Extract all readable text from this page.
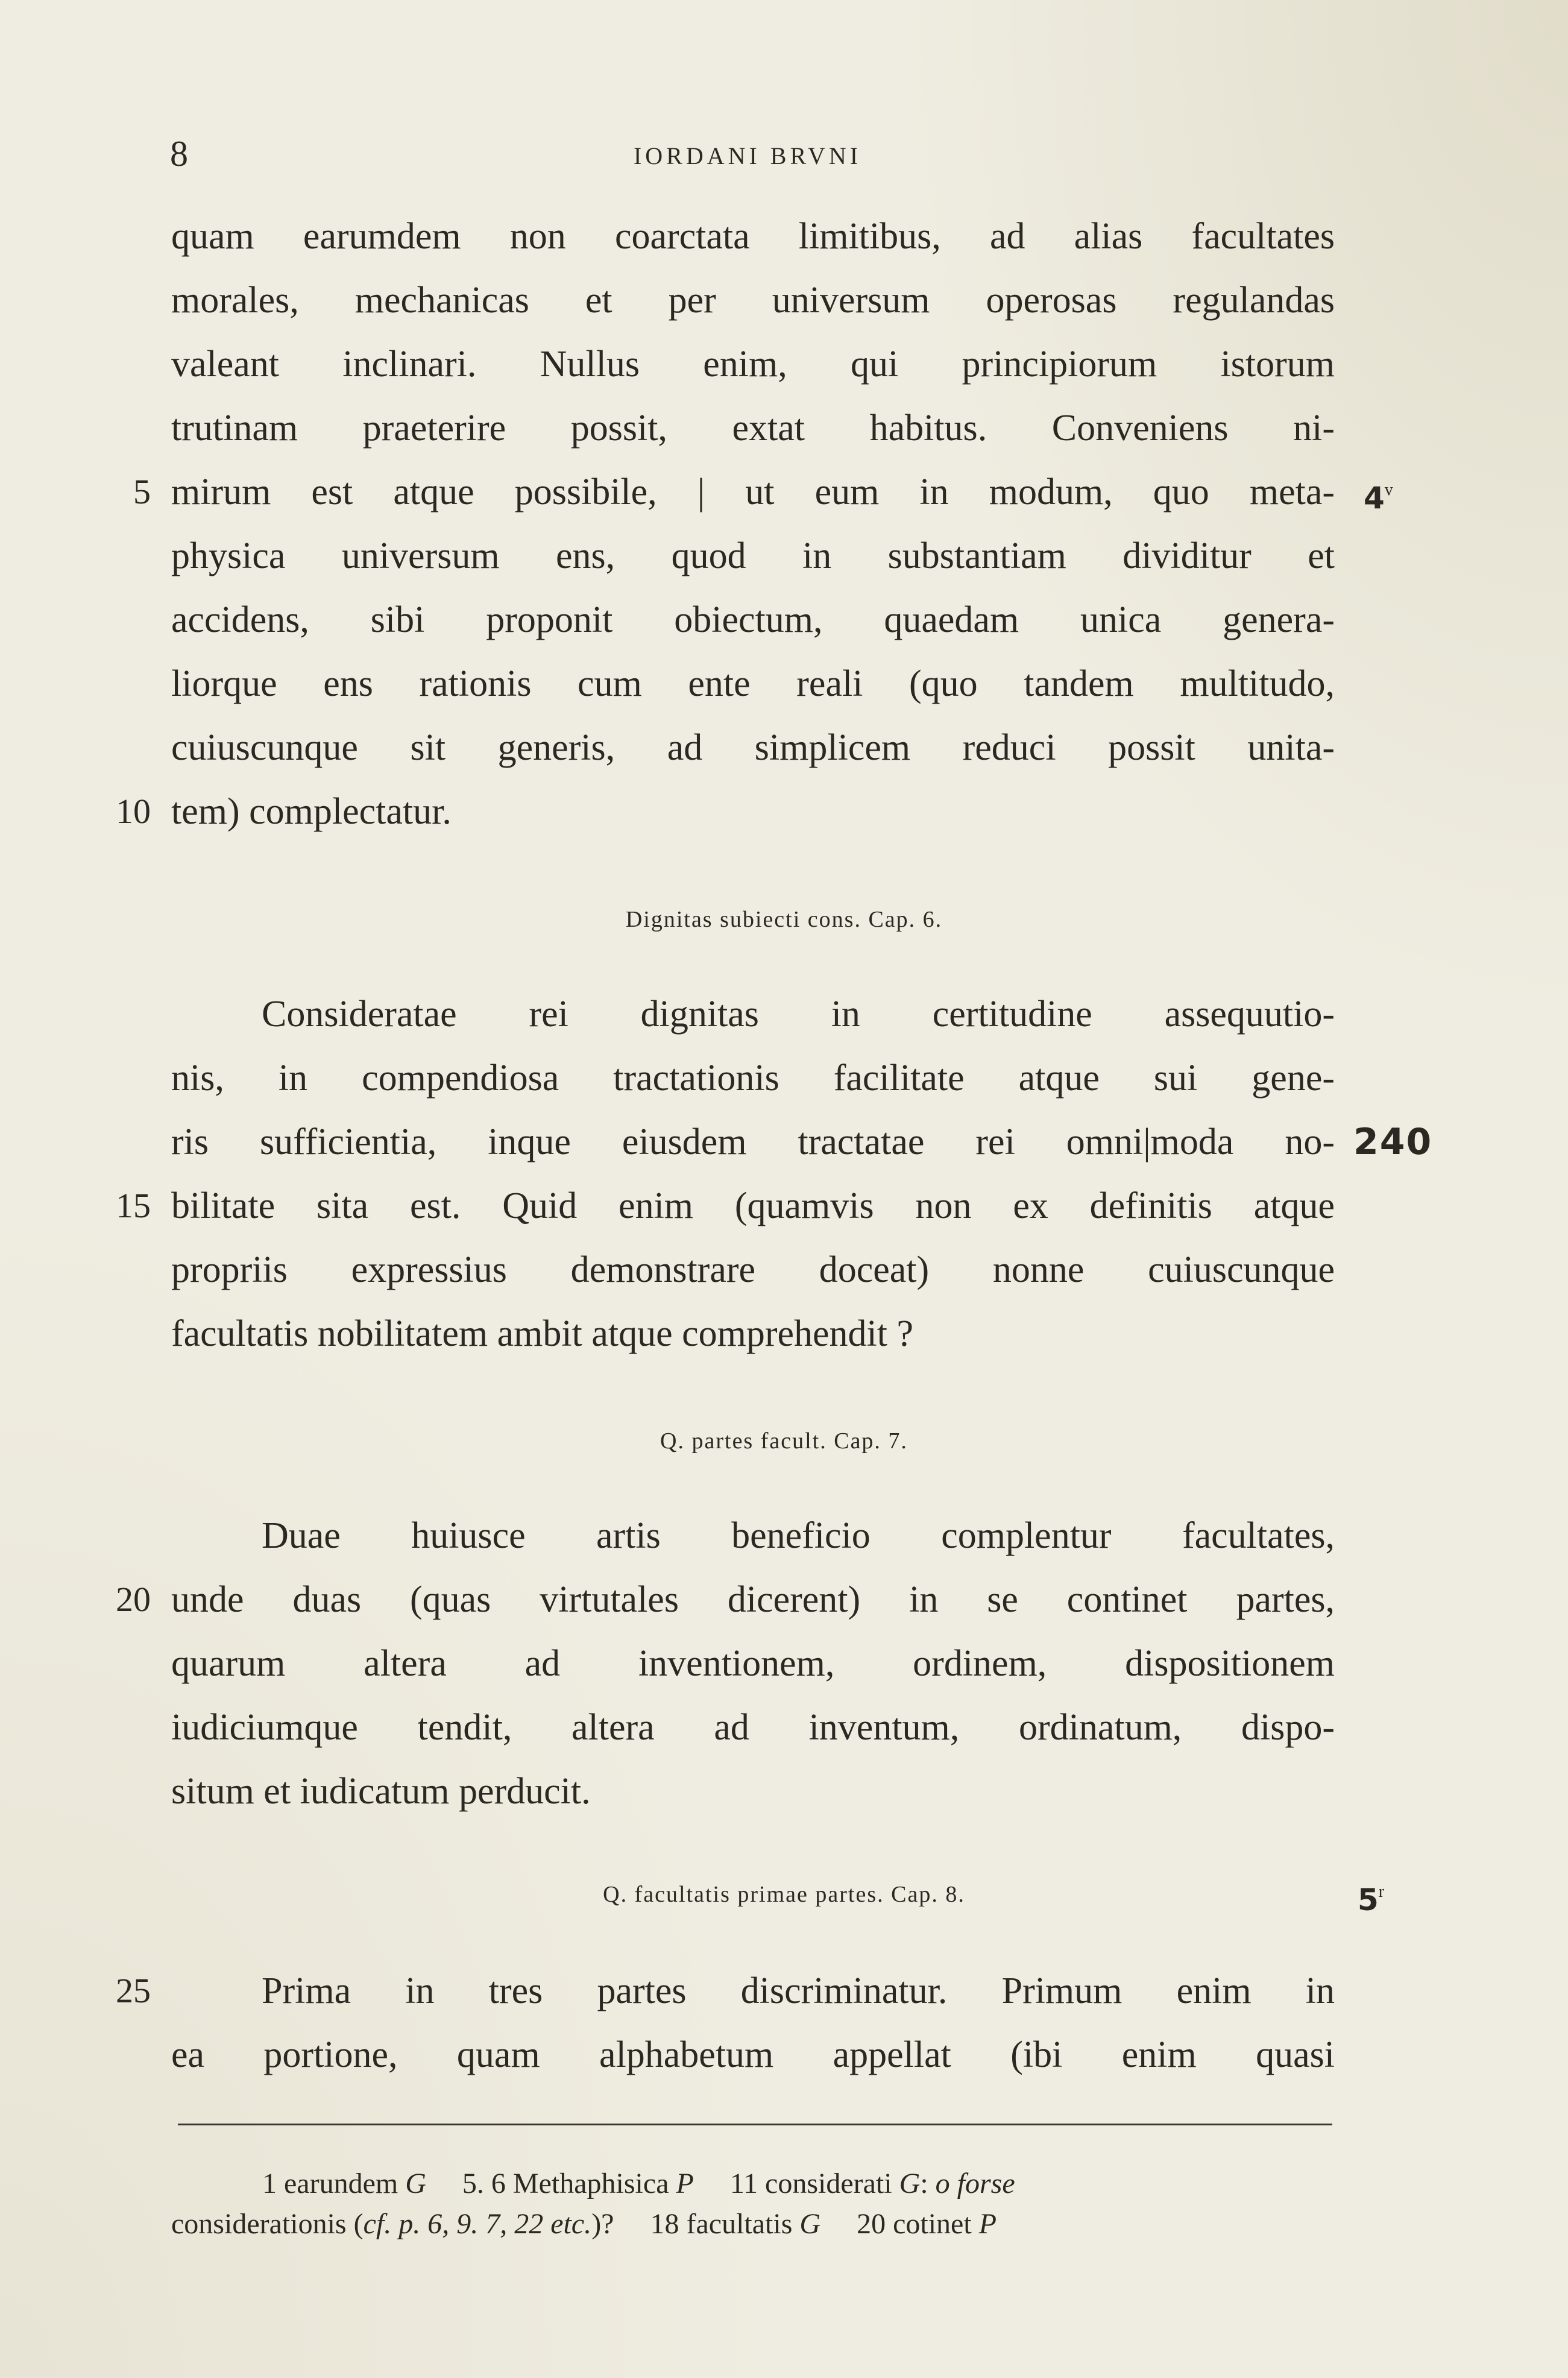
8	IORDANI BRVNI
quam earumdem non coarctata limitibus, ad alias facultates
morales, mechanicas et per universum operosas regulandas
valeant inclinari. Nullus enim, qui principiorum istorum
trutinam praeterire possit, extat habitus. Conveniens ni-
mirum est atque possibile, | ut eum in modum, quo meta-
physica universum ens, quod in substantiam dividitur et
accidens, sibi proponit obiectum, quaedam unica genera-
liorque ens rationis cum ente reali (quo tandem multitudo,
cuiuscunque sit generis, ad simplicem reduci possit unita-
tem) complectatur.
Dignitas subiecti cons. Cap. 6.
Consideratae rei dignitas in certitudine assequutio-
nis, in compendiosa tractationis facilitate atque sui gene-
ris sufficientia, inque eiusdem tractatae rei omni|moda no-
bilitate sita est. Quid enim (quamvis non ex definitis atque
propriis expressius demonstrare doceat) nonne cuiuscunque
facultatis nobilitatem ambit atque comprehendit ?
Q. partes facult. Cap. 7.
Duae huiusce artis beneficio complentur facultates,
unde duas (quas virtutales dicerent) in se continet partes,
quarum altera ad inventionem, ordinem, dispositionem
iudiciumque tendit, altera ad inventum, ordinatum, dispo-
situm et iudicatum perducit.
Q. facultatis primae partes. Cap. 8.
Prima in tres partes discriminatur. Primum enim in
ea portione, quam alphabetum appellat (ibi enim quasi
5
10
15
20
25
4$^v$
240
5$^r$
1 earundem G 5. 6 Methaphisica P 11 considerati G: o forse
considerationis (cf. p. 6, 9. 7, 22 etc.)? 18 facultatis G 20 cotinet P
